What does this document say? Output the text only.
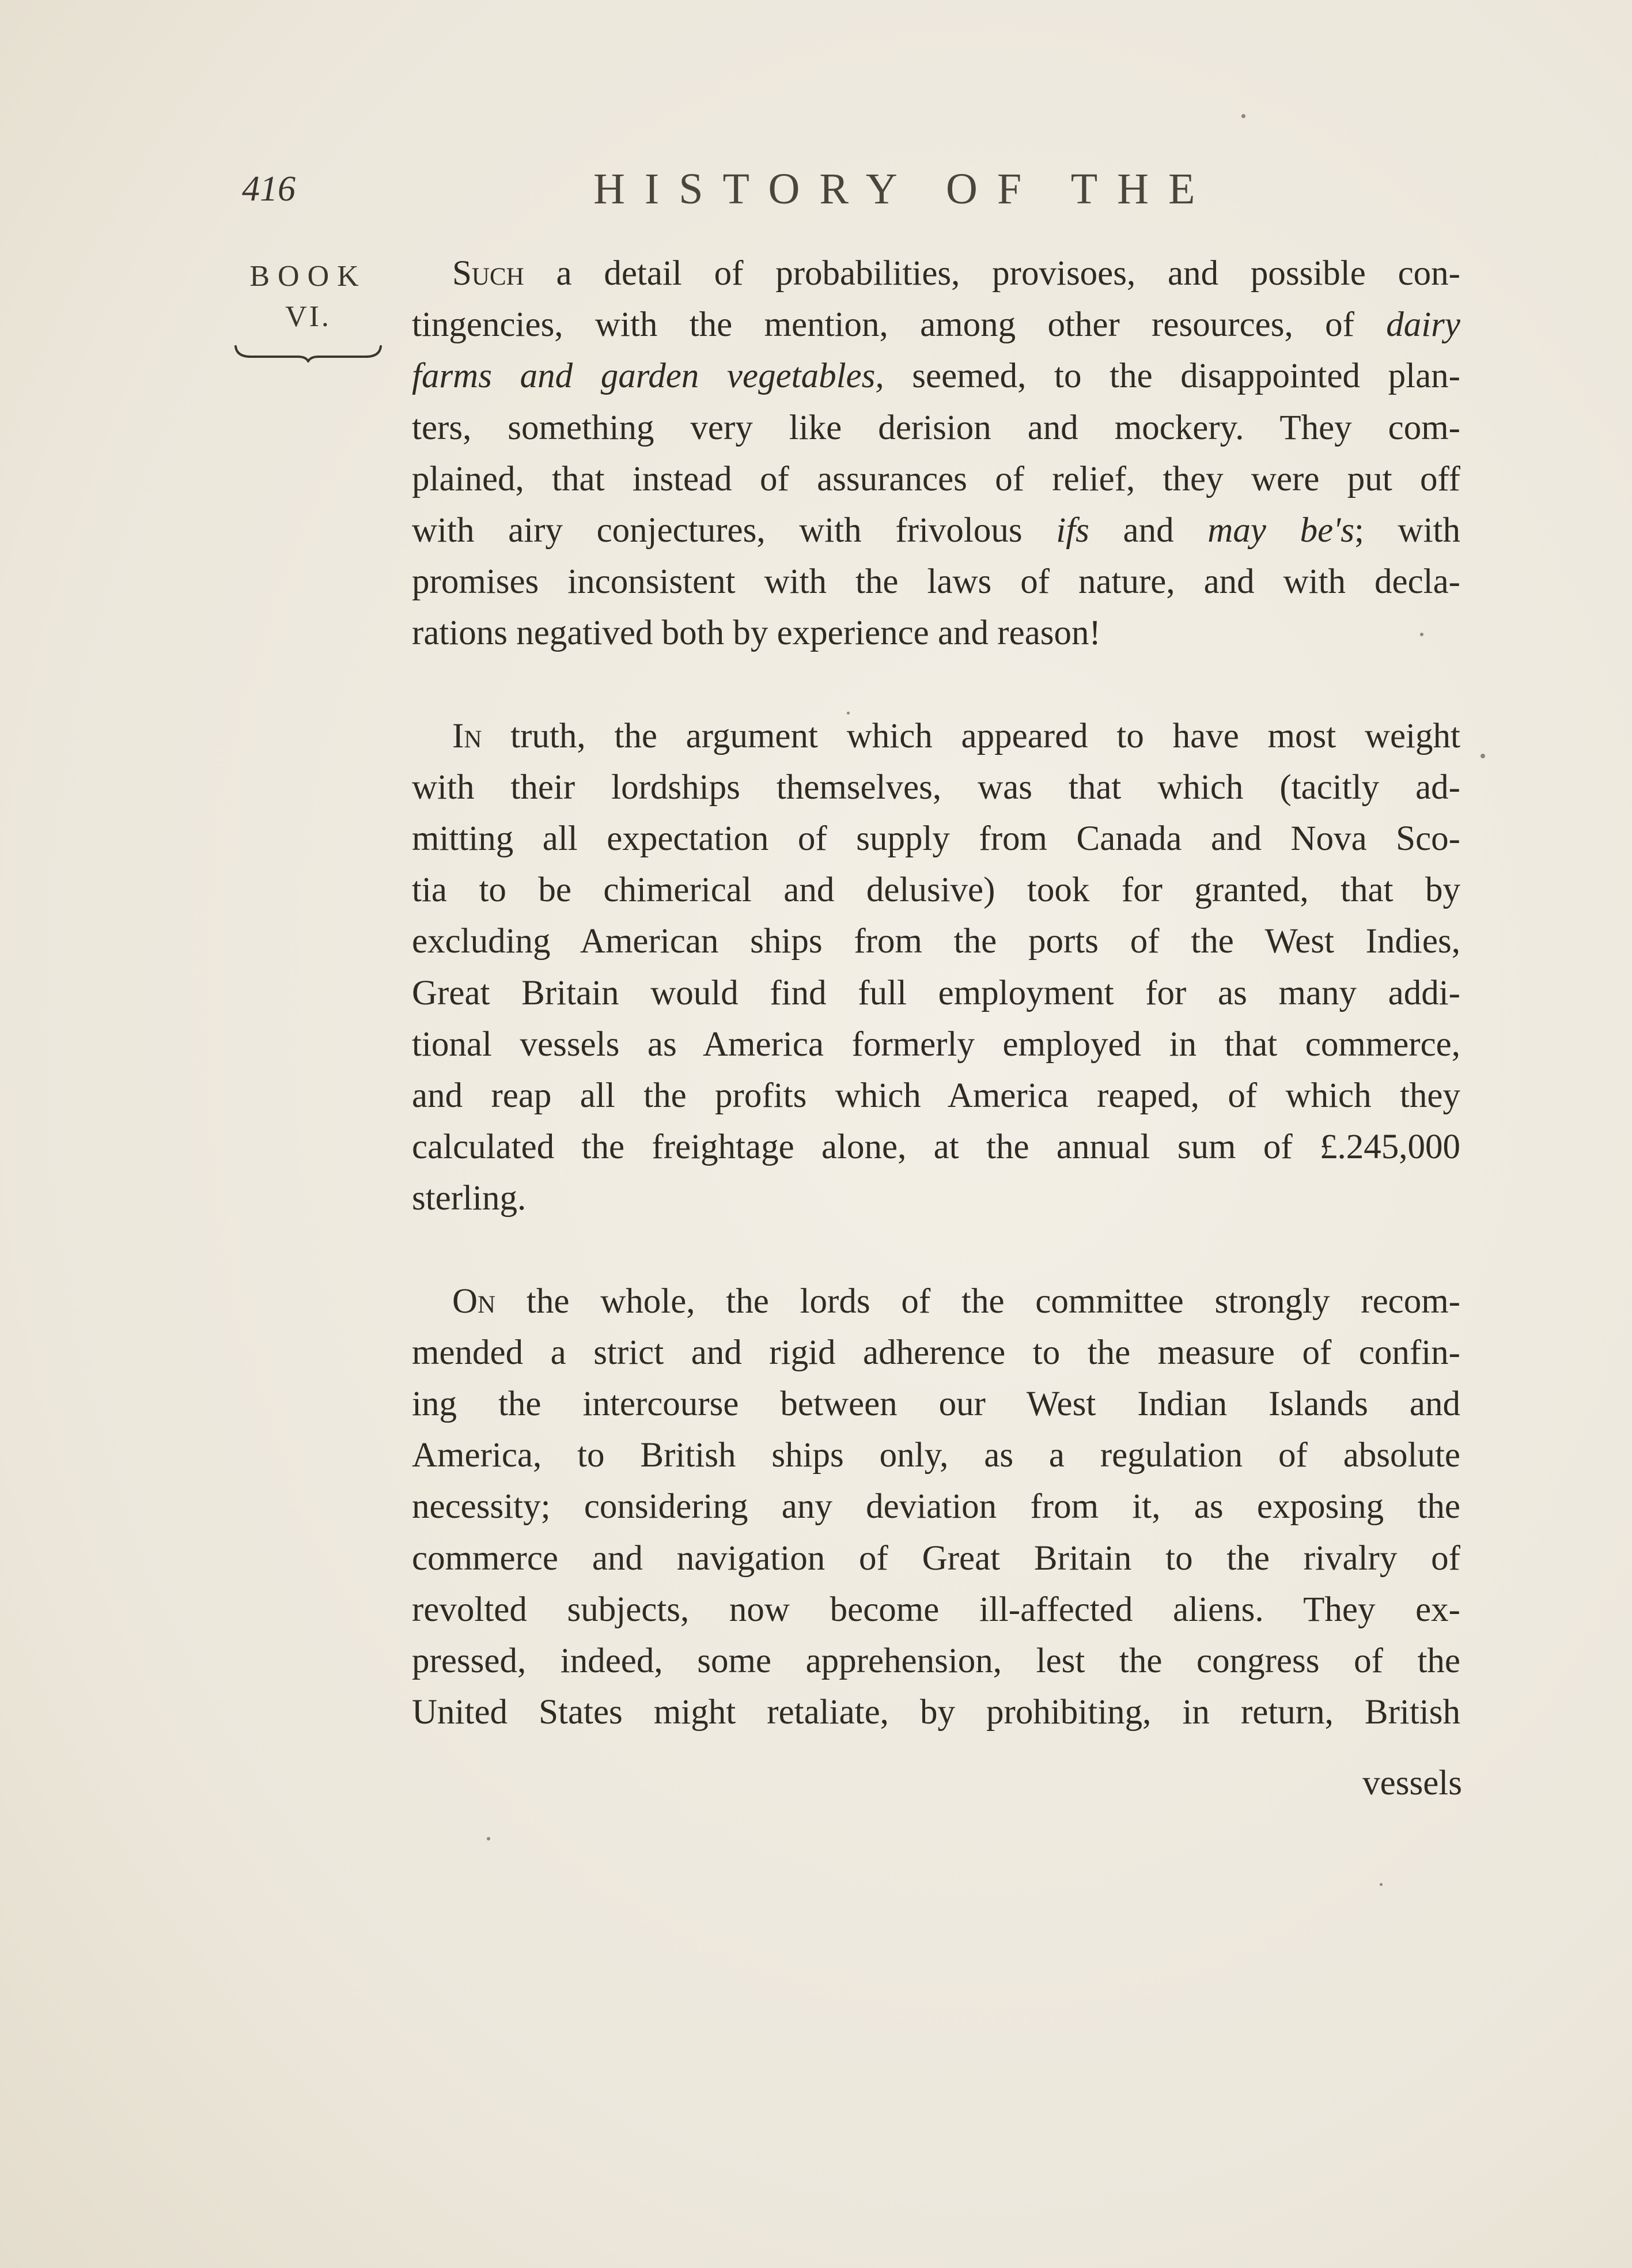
416	HISTORY OF THE
BOOK
VI.

Such a detail of probabilities, provisoes, and possible con-
tingencies, with the mention, among other resources, of dairy
farms and garden vegetables, seemed, to the disappointed plan-
ters, something very like derision and mockery. They com-
plained, that instead of assurances of relief, they were put off
with airy conjectures, with frivolous ifs and may be's; with
promises inconsistent with the laws of nature, and with decla-
rations negatived both by experience and reason!

In truth, the argument which appeared to have most weight
with their lordships themselves, was that which (tacitly ad-
mitting all expectation of supply from Canada and Nova Sco-
tia to be chimerical and delusive) took for granted, that by
excluding American ships from the ports of the West Indies,
Great Britain would find full employment for as many addi-
tional vessels as America formerly employed in that commerce,
and reap all the profits which America reaped, of which they
calculated the freightage alone, at the annual sum of £.245,000
sterling.

On the whole, the lords of the committee strongly recom-
mended a strict and rigid adherence to the measure of confin-
ing the intercourse between our West Indian Islands and
America, to British ships only, as a regulation of absolute
necessity; considering any deviation from it, as exposing the
commerce and navigation of Great Britain to the rivalry of
revolted subjects, now become ill-affected aliens. They ex-
pressed, indeed, some apprehension, lest the congress of the
United States might retaliate, by prohibiting, in return, British

vessels
